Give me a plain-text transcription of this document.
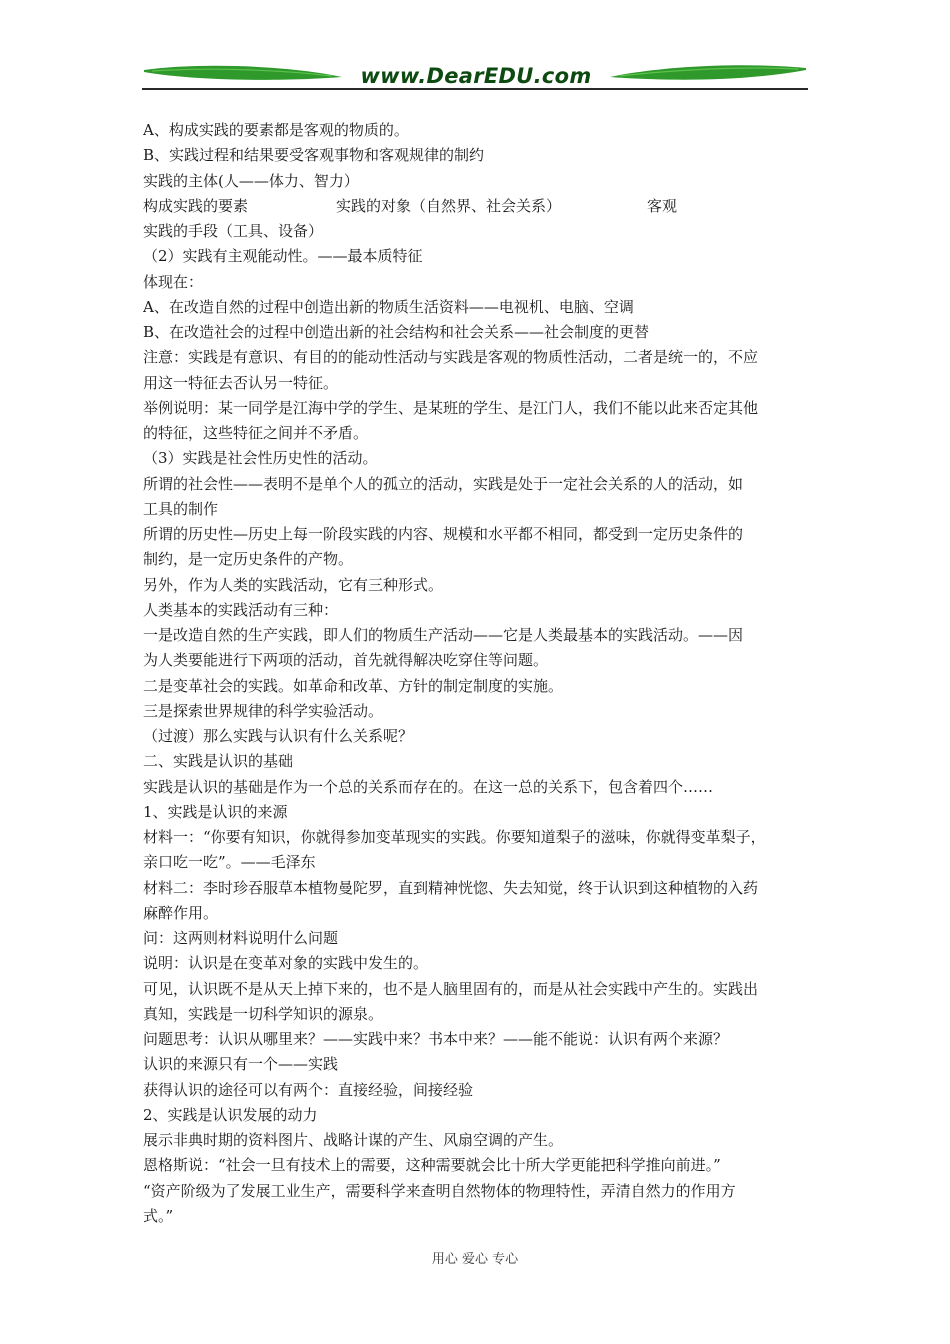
www.DearEDU.com
A、构成实践的要素都是客观的物质的。
B、实践过程和结果要受客观事物和客观规律的制约
实践的主体(人——体力、智力）
构成实践的要素	实践的对象（自然界、社会关系）	客观
实践的手段（工具、设备）
（2）实践有主观能动性。——最本质特征
体现在：
A、在改造自然的过程中创造出新的物质生活资料——电视机、电脑、空调
B、在改造社会的过程中创造出新的社会结构和社会关系——社会制度的更替
注意：实践是有意识、有目的的能动性活动与实践是客观的物质性活动，二者是统一的，不应
用这一特征去否认另一特征。
举例说明：某一同学是江海中学的学生、是某班的学生、是江门人，我们不能以此来否定其他
的特征，这些特征之间并不矛盾。
（3）实践是社会性历史性的活动。
所谓的社会性——表明不是单个人的孤立的活动，实践是处于一定社会关系的人的活动，如
工具的制作
所谓的历史性—历史上每一阶段实践的内容、规模和水平都不相同，都受到一定历史条件的
制约，是一定历史条件的产物。
另外，作为人类的实践活动，它有三种形式。
人类基本的实践活动有三种：
一是改造自然的生产实践，即人们的物质生产活动——它是人类最基本的实践活动。——因
为人类要能进行下两项的活动，首先就得解决吃穿住等问题。
二是变革社会的实践。如革命和改革、方针的制定制度的实施。
三是探索世界规律的科学实验活动。
（过渡）那么实践与认识有什么关系呢？
二、实践是认识的基础
实践是认识的基础是作为一个总的关系而存在的。在这一总的关系下，包含着四个……
1、实践是认识的来源
材料一：“你要有知识，你就得参加变革现实的实践。你要知道梨子的滋味，你就得变革梨子，
亲口吃一吃”。——毛泽东
材料二：李时珍吞服草本植物曼陀罗，直到精神恍惚、失去知觉，终于认识到这种植物的入药
麻醉作用。
问：这两则材料说明什么问题
说明：认识是在变革对象的实践中发生的。
可见，认识既不是从天上掉下来的，也不是人脑里固有的，而是从社会实践中产生的。实践出
真知，实践是一切科学知识的源泉。
问题思考：认识从哪里来？——实践中来？书本中来？——能不能说：认识有两个来源？
认识的来源只有一个——实践
获得认识的途径可以有两个：直接经验，间接经验
2、实践是认识发展的动力
展示非典时期的资料图片、战略计谋的产生、风扇空调的产生。
恩格斯说：“社会一旦有技术上的需要，这种需要就会比十所大学更能把科学推向前进。”
“资产阶级为了发展工业生产，需要科学来查明自然物体的物理特性，弄清自然力的作用方
式。”
用心 爱心 专心
